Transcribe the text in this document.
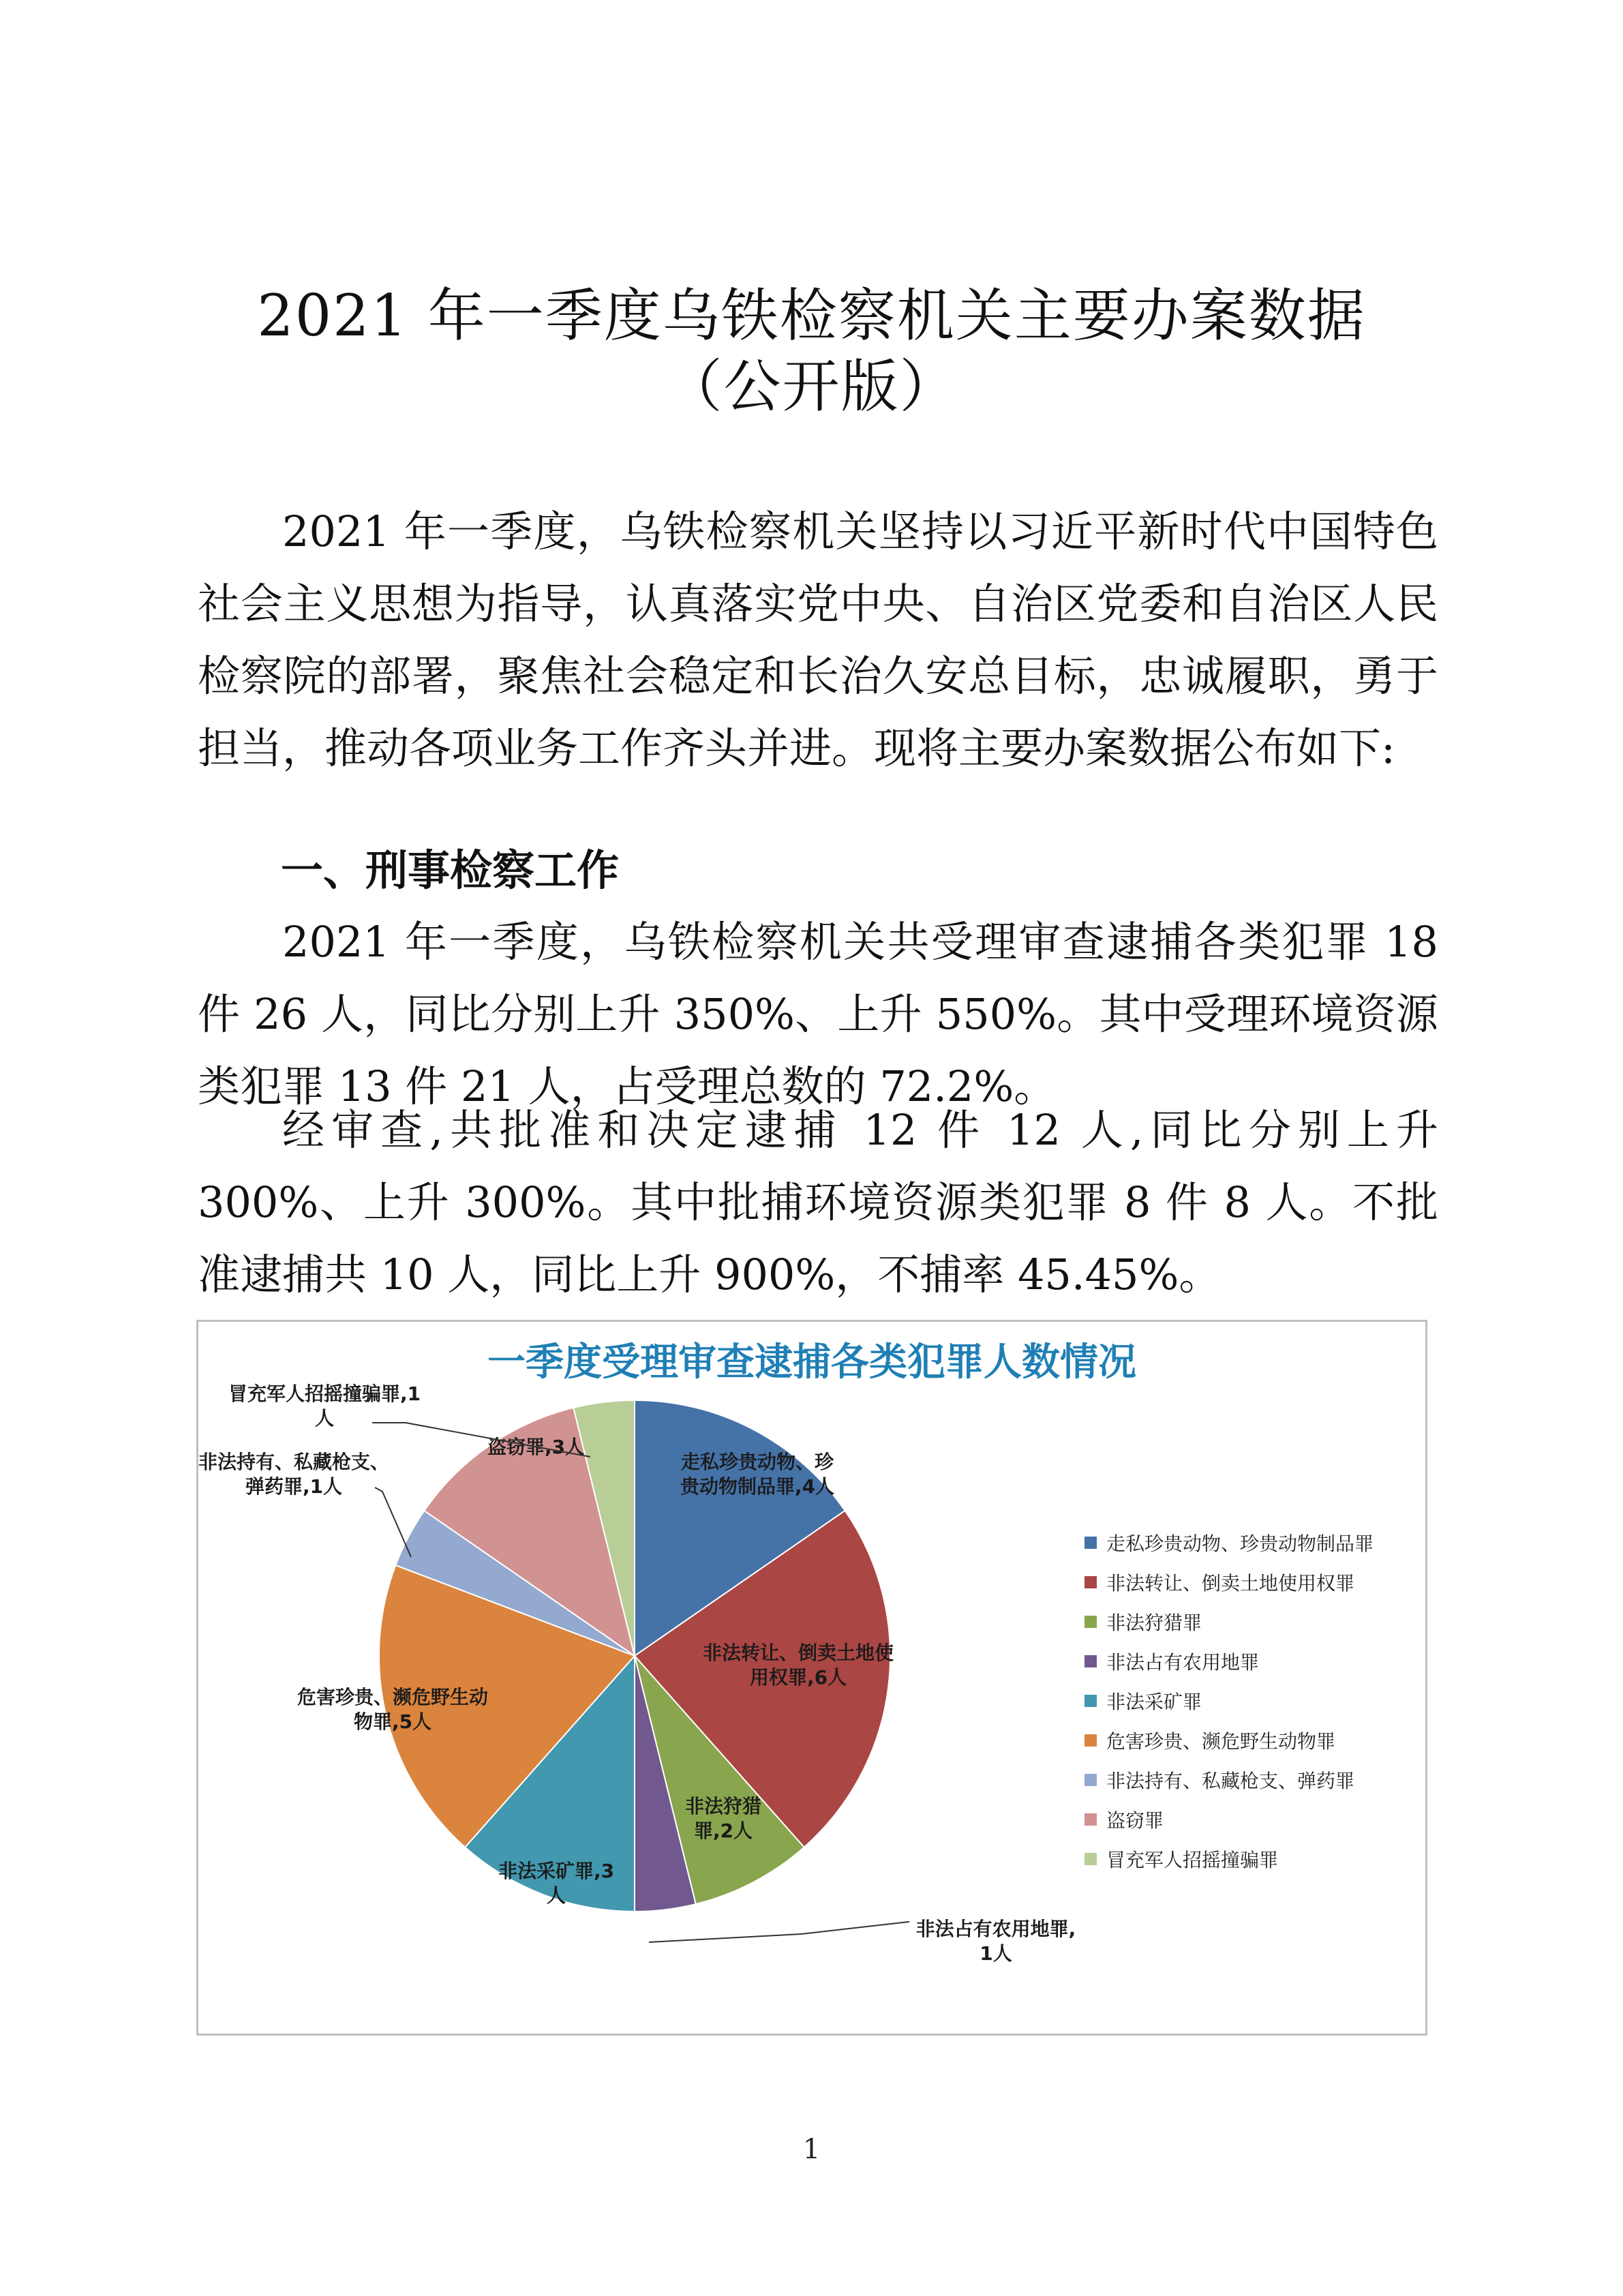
2021 年一季度乌铁检察机关主要办案数据
（公开版）

2021 年一季度，乌铁检察机关坚持以习近平新时代中国特色社会主义思想为指导，认真落实党中央、自治区党委和自治区人民检察院的部署，聚焦社会稳定和长治久安总目标，忠诚履职，勇于担当，推动各项业务工作齐头并进。现将主要办案数据公布如下:

一、刑事检察工作

2021 年一季度，乌铁检察机关共受理审查逮捕各类犯罪 18 件 26 人，同比分别上升 350%、上升 550%。其中受理环境资源类犯罪 13 件 21 人，占受理总数的 72.2%。

经审查,共批准和决定逮捕 12 件 12 人,同比分别上升 300%、上升 300%。其中批捕环境资源类犯罪 8 件 8 人。不批准逮捕共 10 人，同比上升 900%，不捕率 45.45%。

一季度受理审查逮捕各类犯罪人数情况
走私珍贵动物、珍贵动物制品罪,4人
非法转让、倒卖土地使用权罪,6人
非法狩猎罪,2人
非法占有农用地罪, 1人
非法采矿罪,3 人
危害珍贵、濒危野生动物罪,5人
非法持有、私藏枪支、弹药罪,1人
盗窃罪,3人
冒充军人招摇撞骗罪,1 人
走私珍贵动物、珍贵动物制品罪
非法转让、倒卖土地使用权罪
非法狩猎罪
非法占有农用地罪
非法采矿罪
危害珍贵、濒危野生动物罪
非法持有、私藏枪支、弹药罪
盗窃罪
冒充军人招摇撞骗罪
1
